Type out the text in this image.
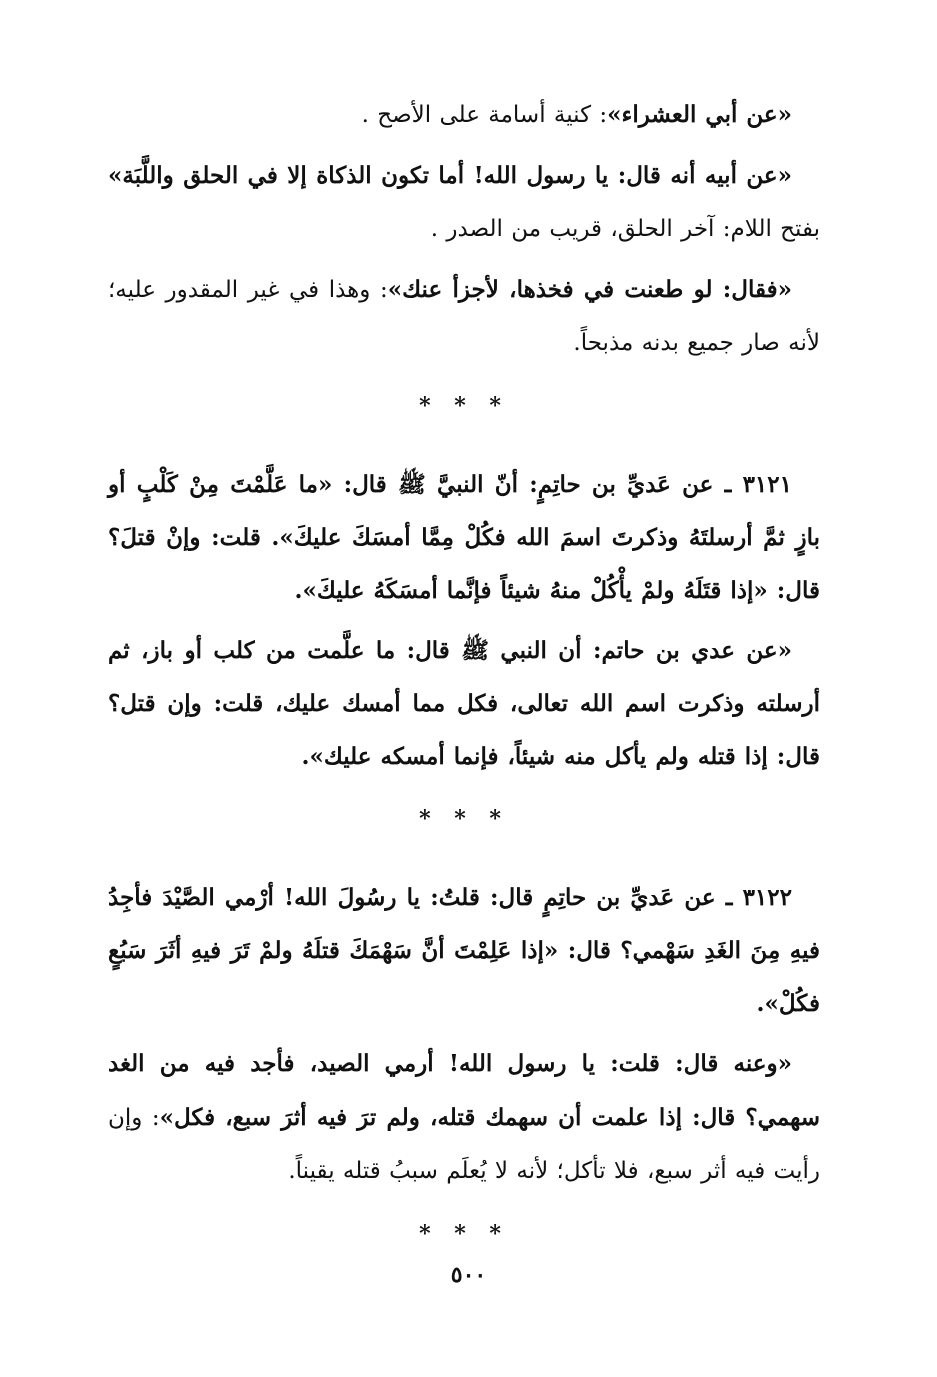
«عن أبي العشراء»: كنية أسامة على الأصح .

«عن أبيه أنه قال: يا رسول الله! أما تكون الذكاة إلا في الحلق واللَّبَة» بفتح اللام: آخر الحلق، قريب من الصدر .

«فقال: لو طعنت في فخذها، لأجزأ عنك»: وهذا في غير المقدور عليه؛ لأنه صار جميع بدنه مذبحاً.

* * *

٣١٢١ ـ عن عَديِّ بن حاتِمٍ: أنّ النبيَّ ﷺ قال: «ما عَلَّمْتَ مِنْ كَلْبٍ أو بازٍ ثمَّ أرسلتَهُ وذكرتَ اسمَ الله فكُلْ مِمَّا أمسَكَ عليكَ». قلت: وإنْ قتلَ؟ قال: «إذا قتَلَهُ ولمْ يأْكُلْ منهُ شيئاً فإنَّما أمسَكَهُ عليكَ».

«عن عدي بن حاتم: أن النبي ﷺ قال: ما علَّمت من كلب أو باز، ثم أرسلته وذكرت اسم الله تعالى، فكل مما أمسك عليك، قلت: وإن قتل؟ قال: إذا قتله ولم يأكل منه شيئاً، فإنما أمسكه عليك».

* * *

٣١٢٢ ـ عن عَديِّ بن حاتِمٍ قال: قلتُ: يا رسُولَ الله! أرْمي الصَّيْدَ فأجِدُ فيهِ مِنَ الغَدِ سَهْمي؟ قال: «إذا عَلِمْتَ أنَّ سَهْمَكَ قتلَهُ ولمْ تَرَ فيهِ أثَرَ سَبُعٍ فكُلْ».

«وعنه قال: قلت: يا رسول الله! أرمي الصيد، فأجد فيه من الغد سهمي؟ قال: إذا علمت أن سهمك قتله، ولم ترَ فيه أثرَ سبع، فكل»: وإن رأيت فيه أثر سبع، فلا تأكل؛ لأنه لا يُعلَم سببُ قتله يقيناً.

* * *
٥٠٠
